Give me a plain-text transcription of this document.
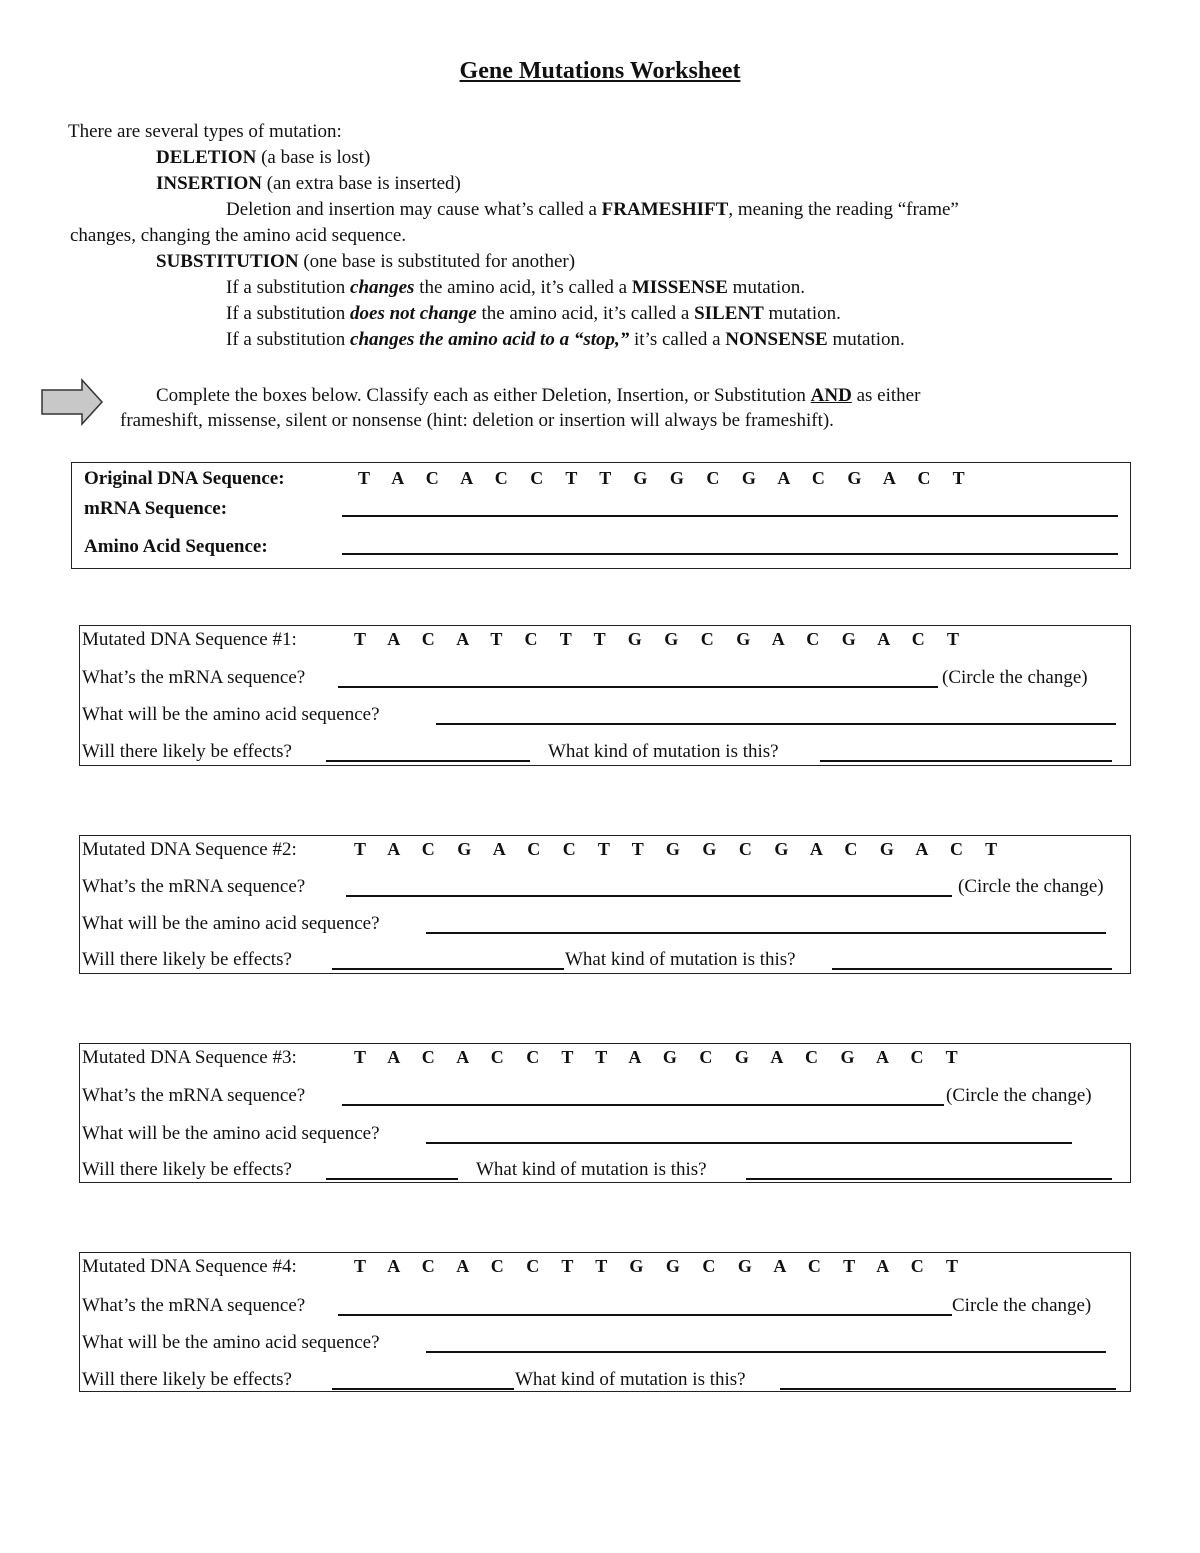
Gene Mutations Worksheet
There are several types of mutation:
DELETION (a base is lost)
INSERTION (an extra base is inserted)
Deletion and insertion may cause what’s called a FRAMESHIFT, meaning the reading “frame”
changes, changing the amino acid sequence.
SUBSTITUTION (one base is substituted for another)
If a substitution changes the amino acid, it’s called a MISSENSE mutation.
If a substitution does not change the amino acid, it’s called a SILENT mutation.
If a substitution changes the amino acid to a “stop,” it’s called a NONSENSE mutation.
Complete the boxes below. Classify each as either Deletion, Insertion, or Substitution AND as either
frameshift, missense, silent or nonsense (hint: deletion or insertion will always be frameshift).
Original DNA Sequence:	T A C A C C T T G G C G A C G A C T
mRNA Sequence:
Amino Acid Sequence:
Mutated DNA Sequence #1:	T A C A T C T T G G C G A C G A C T
What’s the mRNA sequence?	(Circle the change)
What will be the amino acid sequence?
Will there likely be effects?	What kind of mutation is this?
Mutated DNA Sequence #2:	T A C G A C C T T G G C G A C G A C T
What’s the mRNA sequence?	(Circle the change)
What will be the amino acid sequence?
Will there likely be effects?	What kind of mutation is this?
Mutated DNA Sequence #3:	T A C A C C T T A G C G A C G A C T
What’s the mRNA sequence?	(Circle the change)
What will be the amino acid sequence?
Will there likely be effects?	What kind of mutation is this?
Mutated DNA Sequence #4:	T A C A C C T T G G C G A C T A C T
What’s the mRNA sequence?	Circle the change)
What will be the amino acid sequence?
Will there likely be effects?	What kind of mutation is this?
